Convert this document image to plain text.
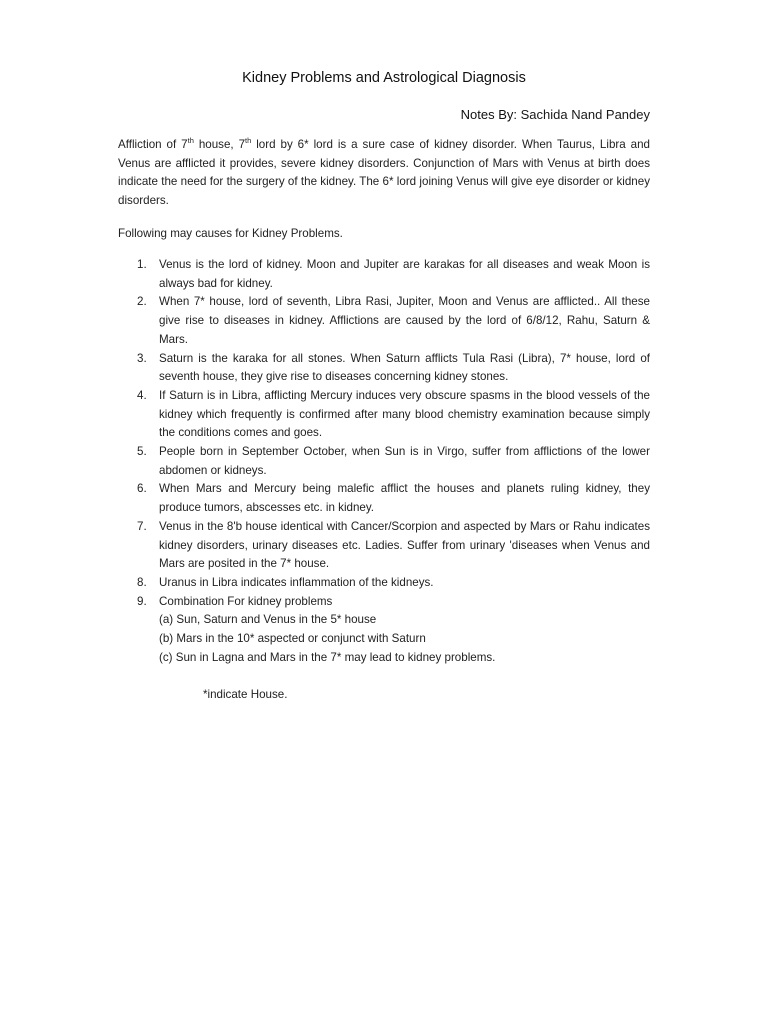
Kidney Problems and Astrological Diagnosis
Notes By: Sachida Nand Pandey
Affliction of 7th house, 7th lord by 6* lord is a sure case of kidney disorder. When Taurus, Libra and Venus are afflicted it provides, severe kidney disorders. Conjunction of Mars with Venus at birth does indicate the need for the surgery of the kidney. The 6* lord joining Venus will give eye disorder or kidney disorders.
Following may causes for Kidney Problems.
1. Venus is the lord of kidney. Moon and Jupiter are karakas for all diseases and weak Moon is always bad for kidney.
2. When 7* house, lord of seventh, Libra Rasi, Jupiter, Moon and Venus are afflicted.. All these give rise to diseases in kidney. Afflictions are caused by the lord of 6/8/12, Rahu, Saturn & Mars.
3. Saturn is the karaka for all stones. When Saturn afflicts Tula Rasi (Libra), 7* house, lord of seventh house, they give rise to diseases concerning kidney stones.
4. If Saturn is in Libra, afflicting Mercury induces very obscure spasms in the blood vessels of the kidney which frequently is confirmed after many blood chemistry examination because simply the conditions comes and goes.
5. People born in September October, when Sun is in Virgo, suffer from afflictions of the lower abdomen or kidneys.
6. When Mars and Mercury being malefic afflict the houses and planets ruling kidney, they produce tumors, abscesses etc. in kidney.
7. Venus in the 8'b house identical with Cancer/Scorpion and aspected by Mars or Rahu indicates kidney disorders, urinary diseases etc. Ladies. Suffer from urinary 'diseases when Venus and Mars are posited in the 7* house.
8. Uranus in Libra indicates inflammation of the kidneys.
9. Combination For kidney problems
(a) Sun, Saturn and Venus in the 5* house
(b) Mars in the 10* aspected or conjunct with Saturn
(c) Sun in Lagna and Mars in the 7* may lead to kidney problems.
*indicate House.
